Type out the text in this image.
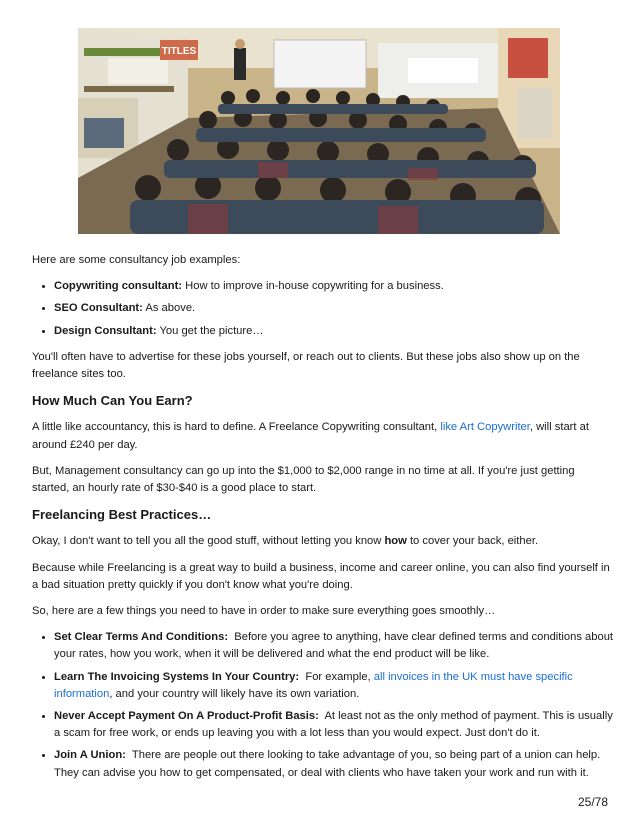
TITLES

Here are some consultancy job examples:

• Copywriting consultant: How to improve in-house copywriting for a business.
• SEO Consultant: As above.
• Design Consultant: You get the picture…

You'll often have to advertise for these jobs yourself, or reach out to clients. But these jobs also show up on the freelance sites too.

How Much Can You Earn?

A little like accountancy, this is hard to define. A Freelance Copywriting consultant, like Art Copywriter, will start at around £240 per day.

But, Management consultancy can go up into the $1,000 to $2,000 range in no time at all. If you're just getting started, an hourly rate of $30-$40 is a good place to start.

Freelancing Best Practices…

Okay, I don't want to tell you all the good stuff, without letting you know how to cover your back, either.

Because while Freelancing is a great way to build a business, income and career online, you can also find yourself in a bad situation pretty quickly if you don't know what you're doing.

So, here are a few things you need to have in order to make sure everything goes smoothly…

• Set Clear Terms And Conditions: Before you agree to anything, have clear defined terms and conditions about your rates, how you work, when it will be delivered and what the end product will be like.
• Learn The Invoicing Systems In Your Country: For example, all invoices in the UK must have specific information, and your country will likely have its own variation.
• Never Accept Payment On A Product-Profit Basis: At least not as the only method of payment. This is usually a scam for free work, or ends up leaving you with a lot less than you would expect. Just don't do it.
• Join A Union: There are people out there looking to take advantage of you, so being part of a union can help. They can advise you how to get compensated, or deal with clients who have taken your work and run with it.
25/78
